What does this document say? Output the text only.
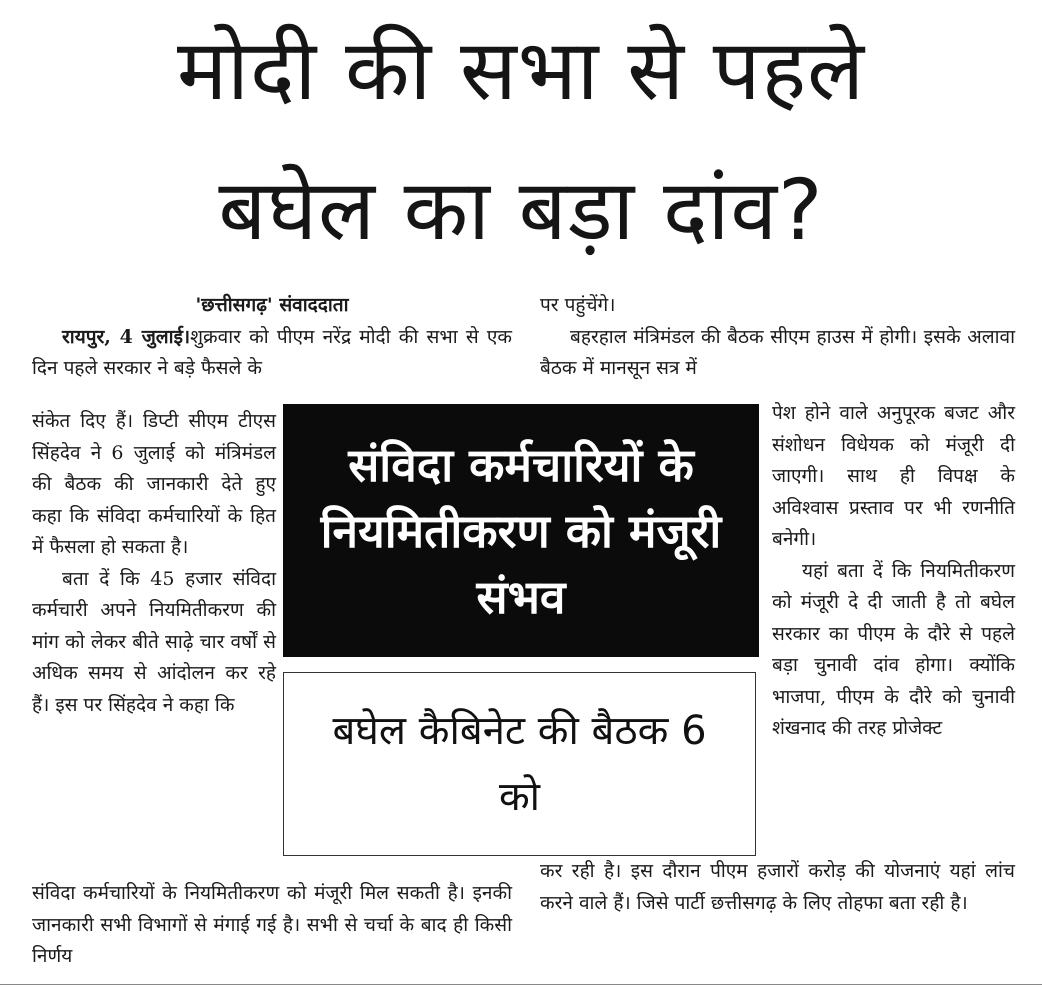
मोदी की सभा से पहले
बघेल का बड़ा दांव?
'छत्तीसगढ़' संवाददाता

रायपुर, 4 जुलाई।शुक्रवार को पीएम नरेंद्र मोदी की सभा से एक दिन पहले सरकार ने बड़े फैसले के

संकेत दिए हैं। डिप्टी सीएम टीएस सिंहदेव ने 6 जुलाई को मंत्रिमंडल की बैठक की जानकारी देते हुए कहा कि संविदा कर्मचारियों के हित में फैसला हो सकता है।

बता दें कि 45 हजार संविदा कर्मचारी अपने नियमितीकरण की मांग को लेकर बीते साढ़े चार वर्षों से अधिक समय से आंदोलन कर रहे हैं। इस पर सिंहदेव ने कहा कि

संविदा कर्मचारियों के नियमितीकरण को मंजूरी मिल सकती है। इनकी जानकारी सभी विभागों से मंगाई गई है। सभी से चर्चा के बाद ही किसी निर्णय

पर पहुंचेंगे।

बहरहाल मंत्रिमंडल की बैठक सीएम हाउस में होगी। इसके अलावा बैठक में मानसून सत्र में

पेश होने वाले अनुपूरक बजट और संशोधन विधेयक को मंजूरी दी जाएगी। साथ ही विपक्ष के अविश्वास प्रस्ताव पर भी रणनीति बनेगी।

यहां बता दें कि नियमितीकरण को मंजूरी दे दी जाती है तो बघेल सरकार का पीएम के दौरे से पहले बड़ा चुनावी दांव होगा। क्योंकि भाजपा, पीएम के दौरे को चुनावी शंखनाद की तरह प्रोजेक्ट

कर रही है। इस दौरान पीएम हजारों करोड़ की योजनाएं यहां लांच करने वाले हैं। जिसे पार्टी छत्तीसगढ़ के लिए तोहफा बता रही है।

संविदा कर्मचारियों के नियमितीकरण को मंजूरी संभव
बघेल कैबिनेट की बैठक 6 को
